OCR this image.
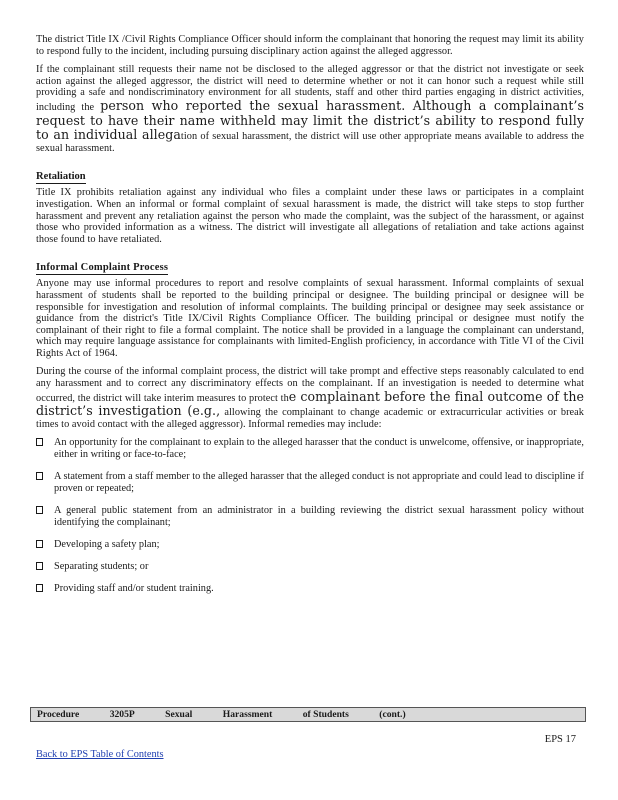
The district Title IX /Civil Rights Compliance Officer should inform the complainant that honoring the request may limit its ability to respond fully to the incident, including pursuing disciplinary action against the alleged aggressor.

If the complainant still requests their name not be disclosed to the alleged aggressor or that the district not investigate or seek action against the alleged aggressor, the district will need to determine whether or not it can honor such a request while still providing a safe and nondiscriminatory environment for all students, staff and other third parties engaging in district activities, including the person who reported the sexual harassment. Although a complainant’s request to have their name withheld may limit the district’s ability to respond fully to an individual allegation of sexual harassment, the district will use other appropriate means available to address the sexual harassment.

Retaliation

Title IX prohibits retaliation against any individual who files a complaint under these laws or participates in a complaint investigation. When an informal or formal complaint of sexual harassment is made, the district will take steps to stop further harassment and prevent any retaliation against the person who made the complaint, was the subject of the harassment, or against those who provided information as a witness. The district will investigate all allegations of retaliation and take actions against those found to have retaliated.

Informal Complaint Process

Anyone may use informal procedures to report and resolve complaints of sexual harassment. Informal complaints of sexual harassment of students shall be reported to the building principal or designee. The building principal or designee will be responsible for investigation and resolution of informal complaints. The building principal or designee may seek assistance or guidance from the district's Title IX/Civil Rights Compliance Officer. The building principal or designee must notify the complainant of their right to file a formal complaint. The notice shall be provided in a language the complainant can understand, which may require language assistance for complainants with limited-English proficiency, in accordance with Title VI of the Civil Rights Act of 1964.

During the course of the informal complaint process, the district will take prompt and effective steps reasonably calculated to end any harassment and to correct any discriminatory effects on the complainant. If an investigation is needed to determine what occurred, the district will take interim measures to protect the complainant before the final outcome of the district’s investigation (e.g., allowing the complainant to change academic or extracurricular activities or break times to avoid contact with the alleged aggressor). Informal remedies may include:

An opportunity for the complainant to explain to the alleged harasser that the conduct is unwelcome, offensive, or inappropriate, either in writing or face-to-face;
A statement from a staff member to the alleged harasser that the alleged conduct is not appropriate and could lead to discipline if proven or repeated;
A general public statement from an administrator in a building reviewing the district sexual harassment policy without identifying the complainant;
Developing a safety plan;
Separating students; or
Providing staff and/or student training.
Procedure	3205P	Sexual	Harassment	of Students	(cont.)
EPS 17
Back to EPS Table of Contents
